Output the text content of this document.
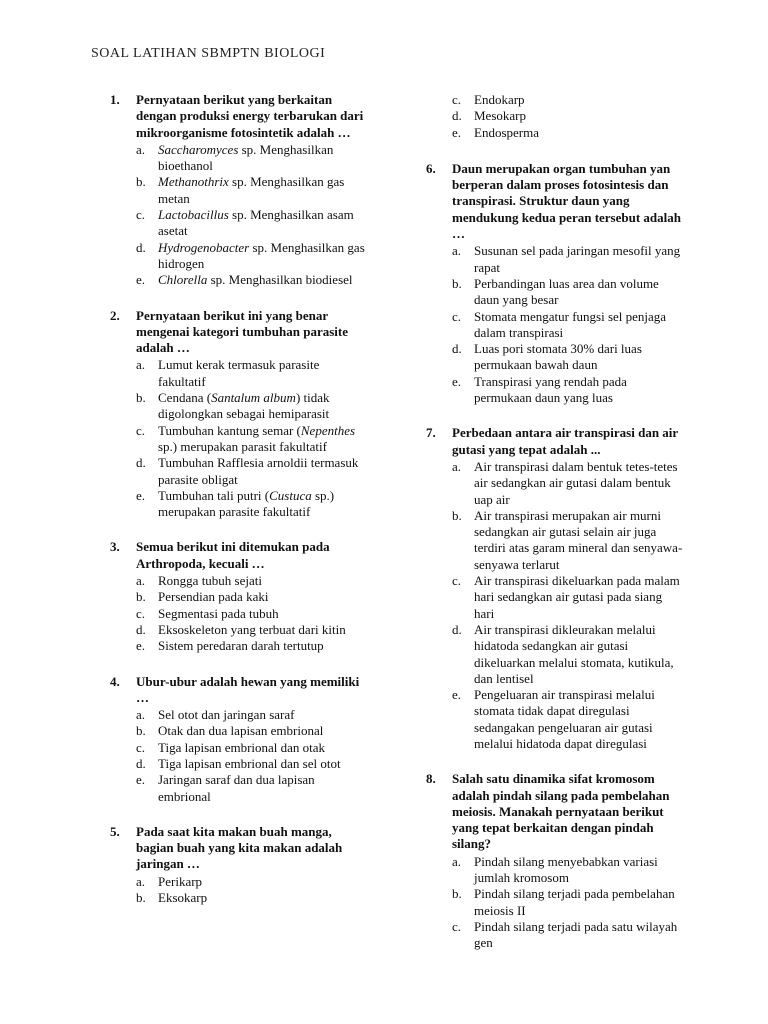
SOAL LATIHAN SBMPTN BIOLOGI
1. Pernyataan berikut yang berkaitan dengan produksi energy terbarukan dari mikroorganisme fotosintetik adalah …
a. Saccharomyces sp. Menghasilkan bioethanol
b. Methanothrix sp. Menghasilkan gas metan
c. Lactobacillus sp. Menghasilkan asam asetat
d. Hydrogenobacter sp. Menghasilkan gas hidrogen
e. Chlorella sp. Menghasilkan biodiesel
2. Pernyataan berikut ini yang benar mengenai kategori tumbuhan parasite adalah …
a. Lumut kerak termasuk parasite fakultatif
b. Cendana (Santalum album) tidak digolongkan sebagai hemiparasit
c. Tumbuhan kantung semar (Nepenthes sp.) merupakan parasit fakultatif
d. Tumbuhan Rafflesia arnoldii termasuk parasite obligat
e. Tumbuhan tali putri (Custuca sp.) merupakan parasite fakultatif
3. Semua berikut ini ditemukan pada Arthropoda, kecuali …
a. Rongga tubuh sejati
b. Persendian pada kaki
c. Segmentasi pada tubuh
d. Eksoskeleton yang terbuat dari kitin
e. Sistem peredaran darah tertutup
4. Ubur-ubur adalah hewan yang memiliki …
a. Sel otot dan jaringan saraf
b. Otak dan dua lapisan embrional
c. Tiga lapisan embrional dan otak
d. Tiga lapisan embrional dan sel otot
e. Jaringan saraf dan dua lapisan embrional
5. Pada saat kita makan buah manga, bagian buah yang kita makan adalah jaringan …
a. Perikarp
b. Eksokarp
c. Endokarp
d. Mesokarp
e. Endosperma
6. Daun merupakan organ tumbuhan yan berperan dalam proses fotosintesis dan transpirasi. Struktur daun yang mendukung kedua peran tersebut adalah …
a. Susunan sel pada jaringan mesofil yang rapat
b. Perbandingan luas area dan volume daun yang besar
c. Stomata mengatur fungsi sel penjaga dalam transpirasi
d. Luas pori stomata 30% dari luas permukaan bawah daun
e. Transpirasi yang rendah pada permukaan daun yang luas
7. Perbedaan antara air transpirasi dan air gutasi yang tepat adalah ...
a. Air transpirasi dalam bentuk tetes-tetes air sedangkan air gutasi dalam bentuk uap air
b. Air transpirasi merupakan air murni sedangkan air gutasi selain air juga terdiri atas garam mineral dan senyawa-senyawa terlarut
c. Air transpirasi dikeluarkan pada malam hari sedangkan air gutasi pada siang hari
d. Air transpirasi dikleurakan melalui hidatoda sedangkan air gutasi dikeluarkan melalui stomata, kutikula, dan lentisel
e. Pengeluaran air transpirasi melalui stomata tidak dapat diregulasi sedangakan pengeluaran air gutasi melalui hidatoda dapat diregulasi
8. Salah satu dinamika sifat kromosom adalah pindah silang pada pembelahan meiosis. Manakah pernyataan berikut yang tepat berkaitan dengan pindah silang?
a. Pindah silang menyebabkan variasi jumlah kromosom
b. Pindah silang terjadi pada pembelahan meiosis II
c. Pindah silang terjadi pada satu wilayah gen
